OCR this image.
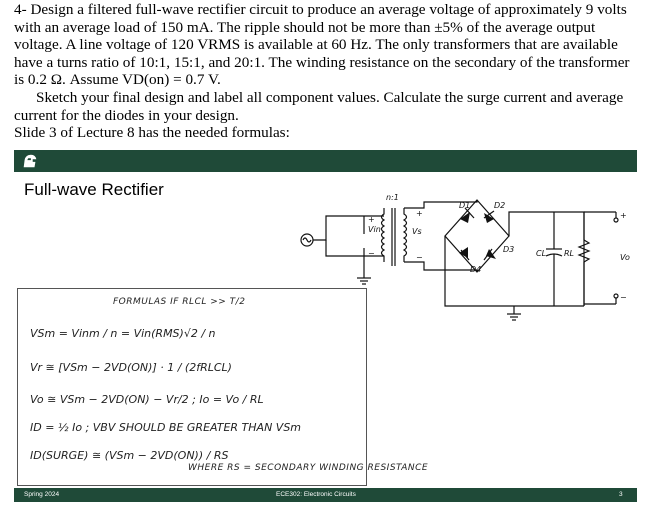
4- Design a filtered full-wave rectifier circuit to produce an average voltage of approximately 9 volts with an average load of 150 mA. The ripple should not be more than ±5% of the average output voltage. A line voltage of 120 VRMS is available at 60 Hz. The only transformers that are available have a turns ratio of 10:1, 15:1, and 20:1. The winding resistance on the secondary of the transformer is 0.2 Ω. Assume VD(on) = 0.7 V.

Sketch your final design and label all component values. Calculate the surge current and average current for the diodes in your design.

Slide 3 of Lecture 8 has the needed formulas:

Full-wave Rectifier	n:1
Vin	Vs
D1	D2
D3
D4
CL RL	Vo
−
+
+
−
+
−
FORMULAS IF RLCL >> T/2
VSm = Vinm / n = Vin(RMS)√2 / n
Vr ≅ [VSm − 2VD(ON)] · 1 / (2fRLCL)
Vo ≅ VSm − 2VD(ON) − Vr/2 ; Io = Vo / RL
ID = ½ Io ; VBV SHOULD BE GREATER THAN VSm
ID(SURGE) ≅ (VSm − 2VD(ON)) / RS
WHERE RS = SECONDARY WINDING RESISTANCE
Spring 2024	ECE302: Electronic Circuits	3
